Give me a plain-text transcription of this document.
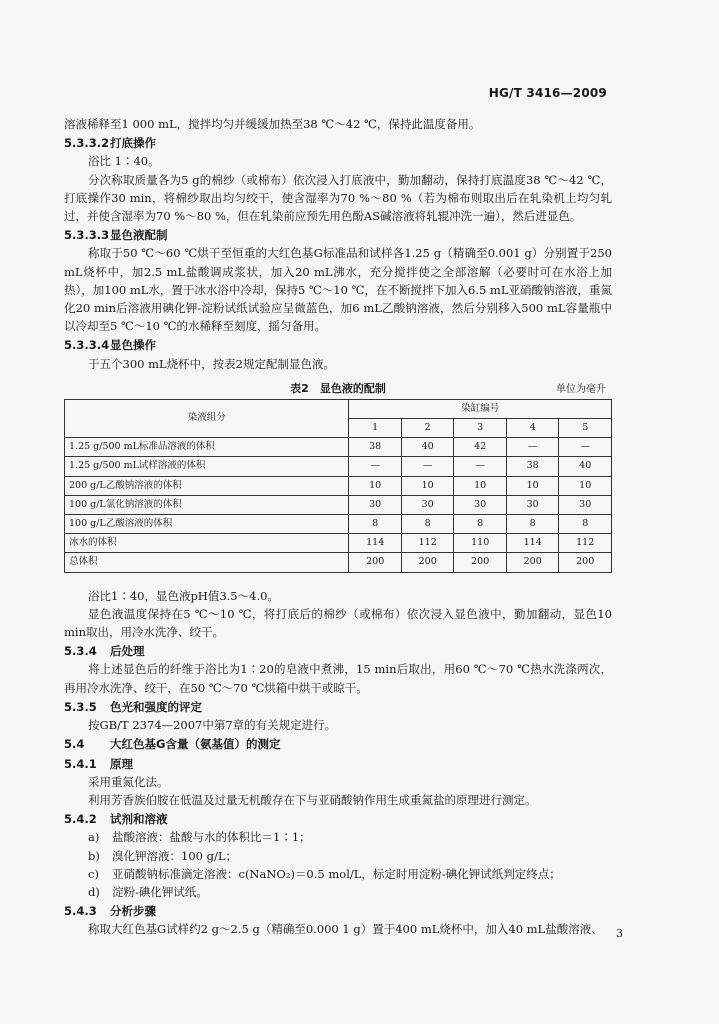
HG/T 3416—2009

溶液稀释至1 000 mL，搅拌均匀并缓缓加热至38 ℃～42 ℃，保持此温度备用。

5.3.3.2打底操作

浴比 1∶40。

分次称取质量各为5 g的棉纱（或棉布）依次浸入打底液中，勤加翻动，保持打底温度38 ℃～42 ℃，打底操作30 min，将棉纱取出均匀绞干，使含湿率为70 %～80 %（若为棉布则取出后在轧染机上均匀轧过，并使含湿率为70 %～80 %，但在轧染前应预先用色酚AS碱溶液将轧辊冲洗一遍），然后进显色。

5.3.3.3显色液配制

称取于50 ℃～60 ℃烘干至恒重的大红色基G标准品和试样各1.25 g（精确至0.001 g）分别置于250 mL烧杯中，加2.5 mL盐酸调成浆状，加入20 mL沸水，充分搅拌使之全部溶解（必要时可在水浴上加热），加100 mL水，置于冰水浴中冷却，保持5 ℃～10 ℃，在不断搅拌下加入6.5 mL亚硝酸钠溶液，重氮化20 min后溶液用碘化钾-淀粉试纸试验应呈微蓝色，加6 mL乙酸钠溶液，然后分别移入500 mL容量瓶中以冷却至5 ℃～10 ℃的水稀释至刻度，摇匀备用。

5.3.3.4显色操作

于五个300 mL烧杯中，按表2规定配制显色液。

表2　显色液的配制	单位为毫升
染液组分	染缸编号				
	1	2	3	4	5
1.25 g/500 mL标准品溶液的体积	38	40	42	—	—
1.25 g/500 mL试样溶液的体积	—	—	—	38	40
200 g/L乙酸钠溶液的体积	10	10	10	10	10
100 g/L氯化钠溶液的体积	30	30	30	30	30
100 g/L乙酸溶液的体积	8	8	8	8	8
冰水的体积	114	112	110	114	112
总体积	200	200	200	200	200

浴比1∶40，显色液pH值3.5～4.0。

显色液温度保持在5 ℃～10 ℃，将打底后的棉纱（或棉布）依次浸入显色液中，勤加翻动，显色10 min取出，用冷水洗净、绞干。

5.3.4 后处理

将上述显色后的纤维于浴比为1∶20的皂液中煮沸，15 min后取出，用60 ℃～70 ℃热水洗涤两次，再用冷水洗净、绞干，在50 ℃～70 ℃烘箱中烘干或晾干。

5.3.5 色光和强度的评定

按GB/T 2374—2007中第7章的有关规定进行。

5.4 大红色基G含量（氨基值）的测定

5.4.1 原理

采用重氮化法。

利用芳香族伯胺在低温及过量无机酸存在下与亚硝酸钠作用生成重氮盐的原理进行测定。

5.4.2 试剂和溶液

a) 盐酸溶液：盐酸与水的体积比＝1∶1；

b) 溴化钾溶液：100 g/L；

c) 亚硝酸钠标准滴定溶液：c(NaNO₂)＝0.5 mol/L，标定时用淀粉-碘化钾试纸判定终点；

d) 淀粉-碘化钾试纸。

5.4.3 分析步骤

称取大红色基G试样约2 g～2.5 g（精确至0.000 1 g）置于400 mL烧杯中，加入40 mL盐酸溶液、	3
